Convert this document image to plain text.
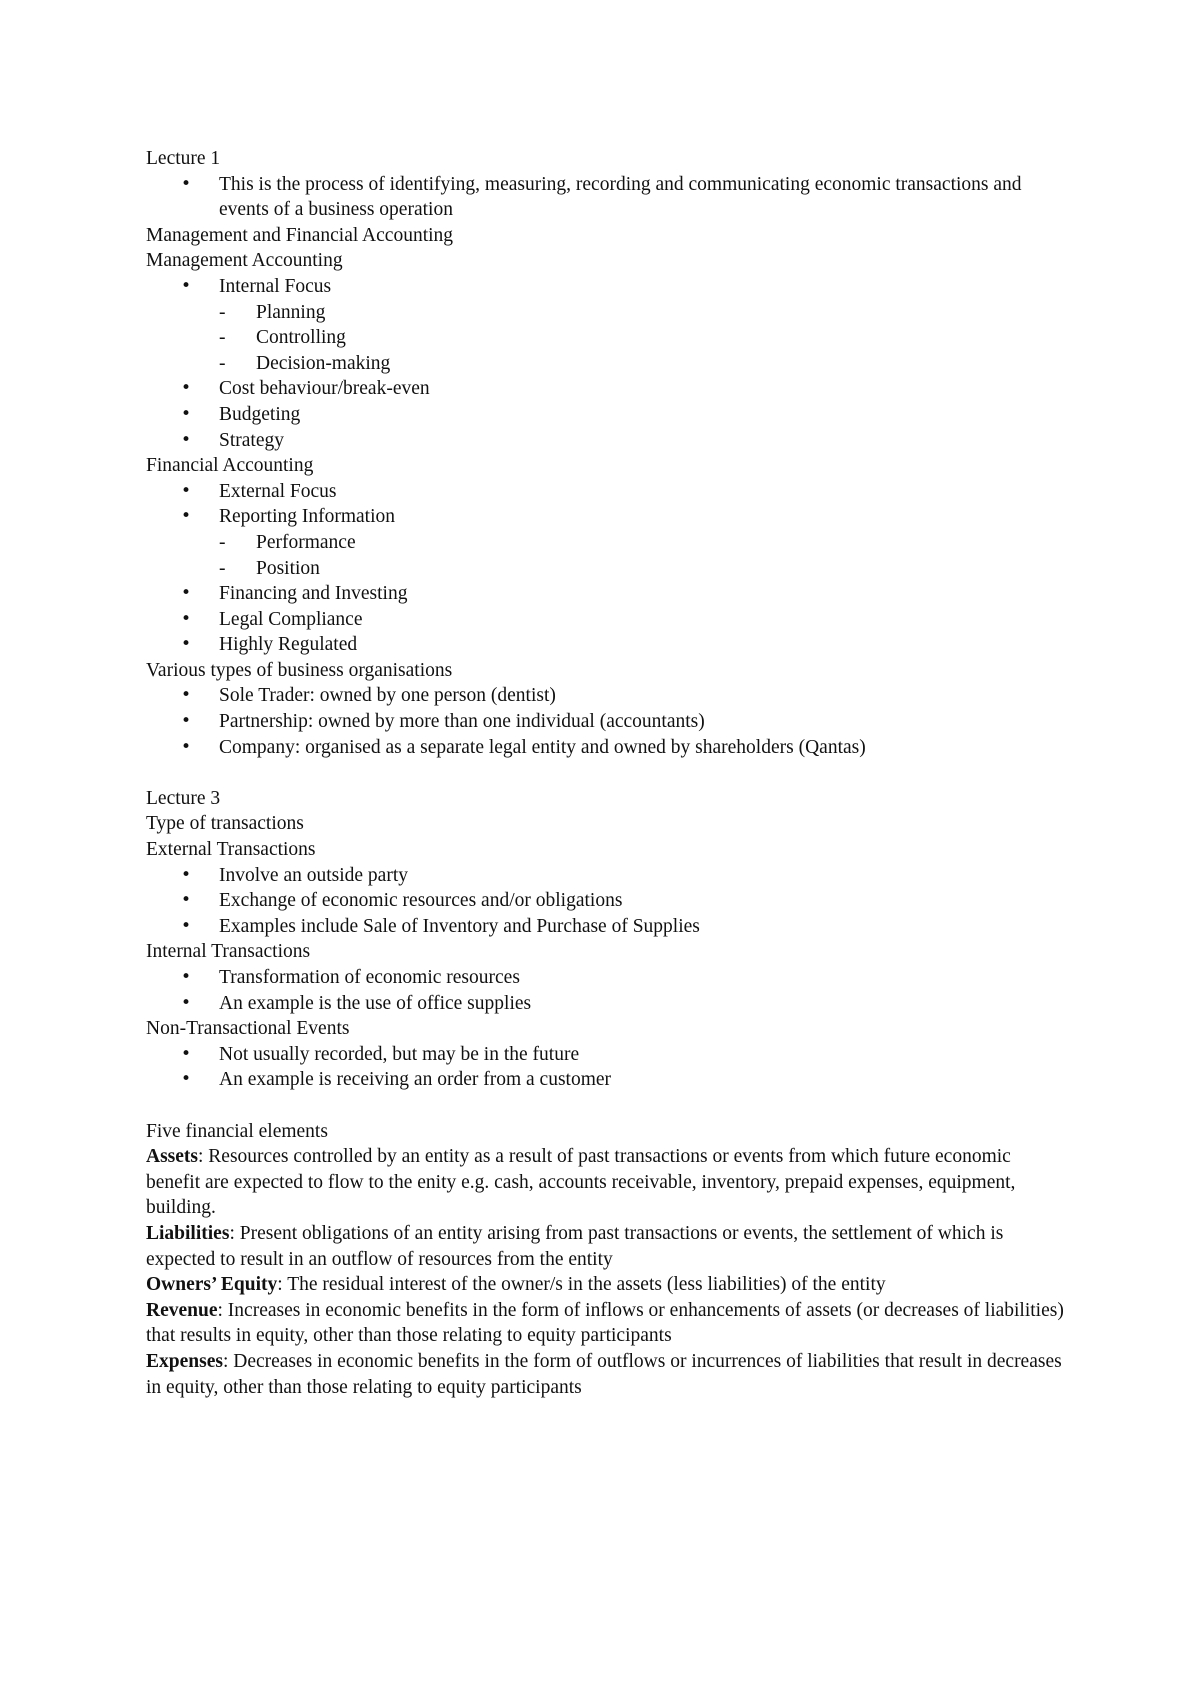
Lecture 1

• This is the process of identifying, measuring, recording and communicating economic transactions and events of a business operation

Management and Financial Accounting

Management Accounting

• Internal Focus
- Planning
- Controlling
- Decision-making
• Cost behaviour/break-even
• Budgeting
• Strategy

Financial Accounting

• External Focus
• Reporting Information
- Performance
- Position
• Financing and Investing
• Legal Compliance
• Highly Regulated

Various types of business organisations

• Sole Trader: owned by one person (dentist)
• Partnership: owned by more than one individual (accountants)
• Company: organised as a separate legal entity and owned by shareholders (Qantas)

Lecture 3

Type of transactions

External Transactions

• Involve an outside party
• Exchange of economic resources and/or obligations
• Examples include Sale of Inventory and Purchase of Supplies

Internal Transactions

• Transformation of economic resources
• An example is the use of office supplies

Non-Transactional Events

• Not usually recorded, but may be in the future
• An example is receiving an order from a customer

Five financial elements

Assets: Resources controlled by an entity as a result of past transactions or events from which future economic benefit are expected to flow to the enity e.g. cash, accounts receivable, inventory, prepaid expenses, equipment, building.

Liabilities: Present obligations of an entity arising from past transactions or events, the settlement of which is expected to result in an outflow of resources from the entity

Owners’ Equity: The residual interest of the owner/s in the assets (less liabilities) of the entity

Revenue: Increases in economic benefits in the form of inflows or enhancements of assets (or decreases of liabilities) that results in equity, other than those relating to equity participants

Expenses: Decreases in economic benefits in the form of outflows or incurrences of liabilities that result in decreases in equity, other than those relating to equity participants
